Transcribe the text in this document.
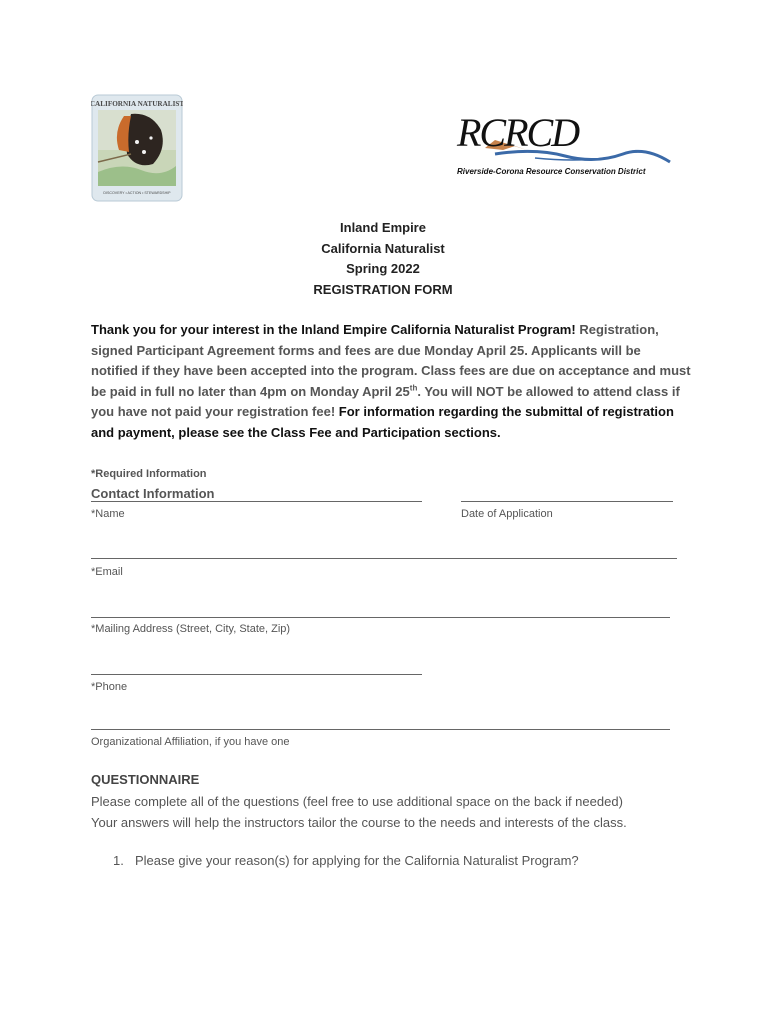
CALIFORNIA NATURALIST
DISCOVERY • ACTION • STEWARDSHIP
RCRCD
Riverside-Corona Resource Conservation District
Inland Empire
California Naturalist
Spring 2022
REGISTRATION FORM
Thank you for your interest in the Inland Empire California Naturalist Program! Registration, signed Participant Agreement forms and fees are due Monday April 25. Applicants will be notified if they have been accepted into the program. Class fees are due on acceptance and must be paid in full no later than 4pm on Monday April 25th. You will NOT be allowed to attend class if you have not paid your registration fee! For information regarding the submittal of registration and payment, please see the Class Fee and Participation sections.
*Required Information
Contact Information
*Name	Date of Application
*Email
*Mailing Address (Street, City, State, Zip)
*Phone
Organizational Affiliation, if you have one
QUESTIONNAIRE
Please complete all of the questions (feel free to use additional space on the back if needed)
Your answers will help the instructors tailor the course to the needs and interests of the class.
1. Please give your reason(s) for applying for the California Naturalist Program?
